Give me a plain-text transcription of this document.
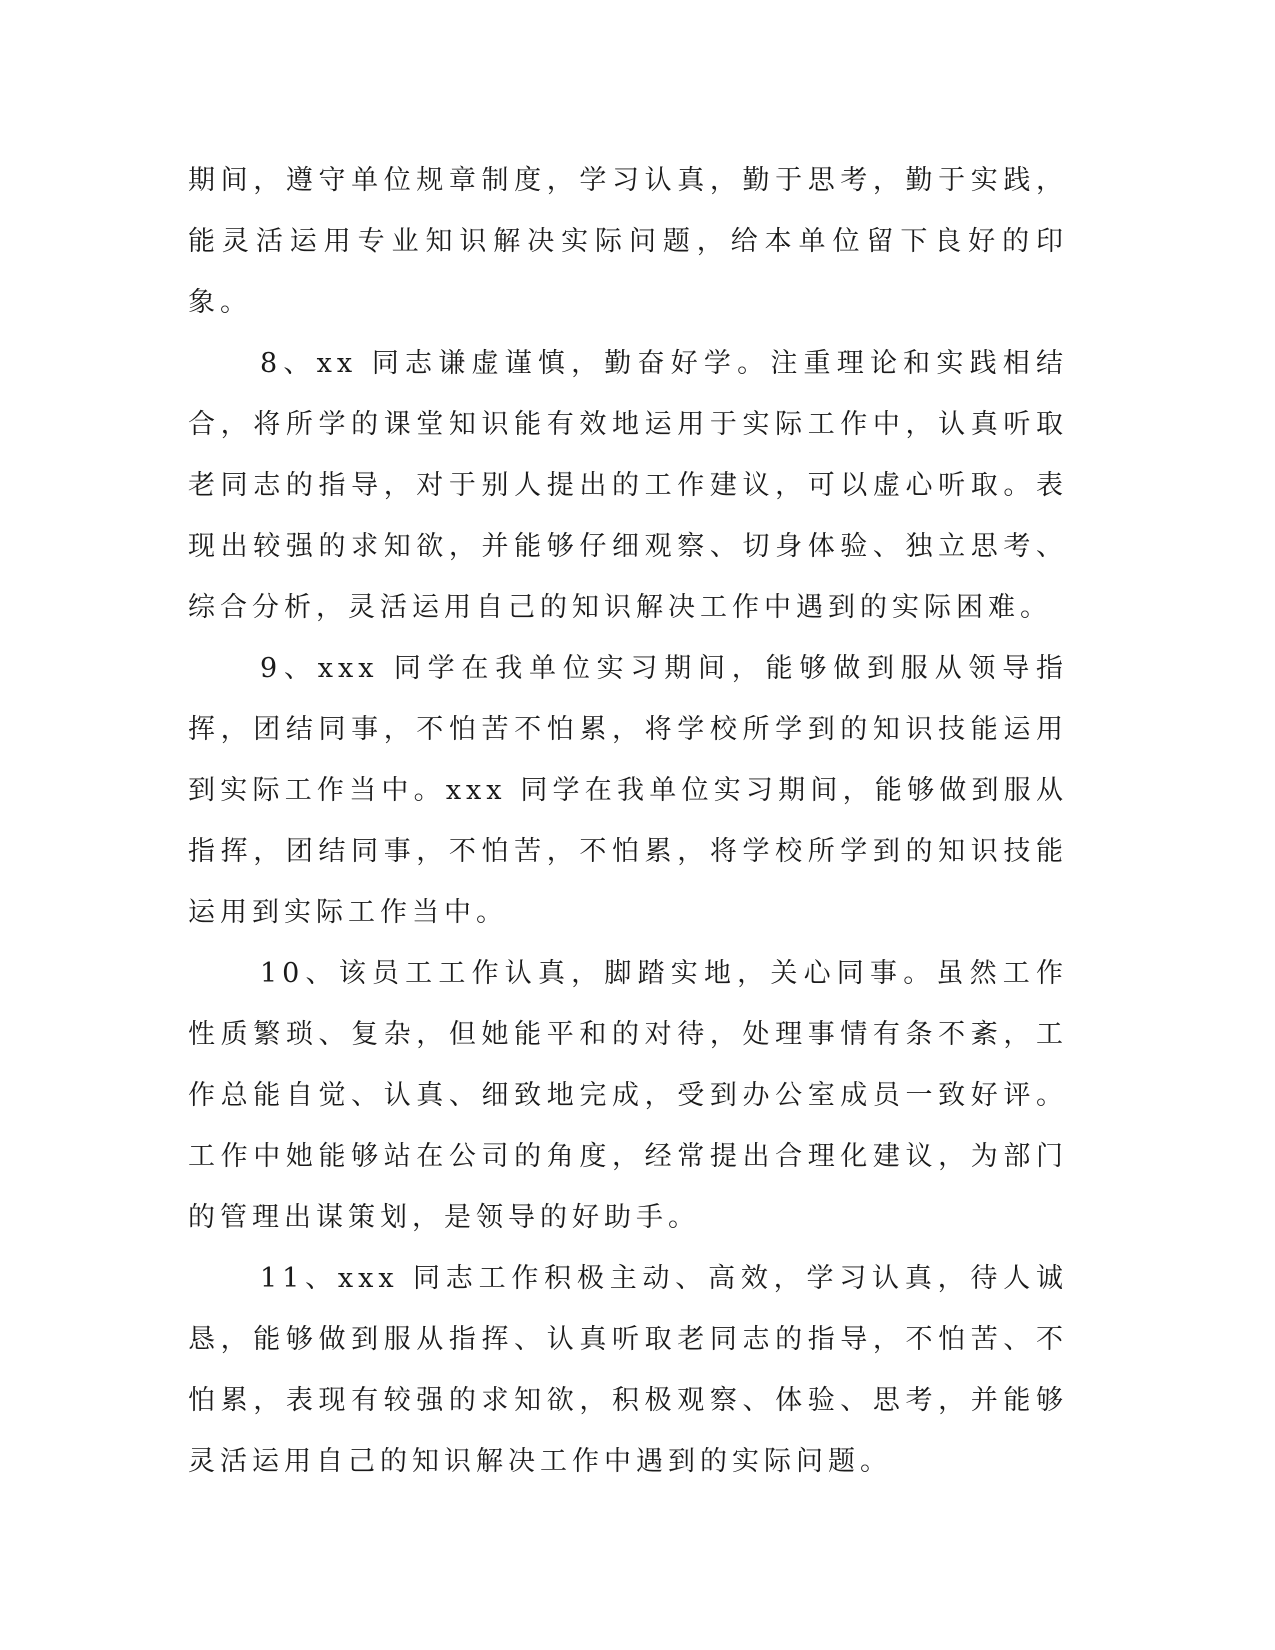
期间，遵守单位规章制度，学习认真，勤于思考，勤于实践，能灵活运用专业知识解决实际问题，给本单位留下良好的印象。

8、xx 同志谦虚谨慎，勤奋好学。注重理论和实践相结合，将所学的课堂知识能有效地运用于实际工作中，认真听取老同志的指导，对于别人提出的工作建议，可以虚心听取。表现出较强的求知欲，并能够仔细观察、切身体验、独立思考、综合分析，灵活运用自己的知识解决工作中遇到的实际困难。

9、xxx 同学在我单位实习期间，能够做到服从领导指挥，团结同事，不怕苦不怕累，将学校所学到的知识技能运用到实际工作当中。xxx 同学在我单位实习期间，能够做到服从指挥，团结同事，不怕苦，不怕累，将学校所学到的知识技能运用到实际工作当中。

10、该员工工作认真，脚踏实地，关心同事。虽然工作性质繁琐、复杂，但她能平和的对待，处理事情有条不紊，工作总能自觉、认真、细致地完成，受到办公室成员一致好评。工作中她能够站在公司的角度，经常提出合理化建议，为部门的管理出谋策划，是领导的好助手。

11、xxx 同志工作积极主动、高效，学习认真，待人诚恳，能够做到服从指挥、认真听取老同志的指导，不怕苦、不怕累，表现有较强的求知欲，积极观察、体验、思考，并能够灵活运用自己的知识解决工作中遇到的实际问题。
